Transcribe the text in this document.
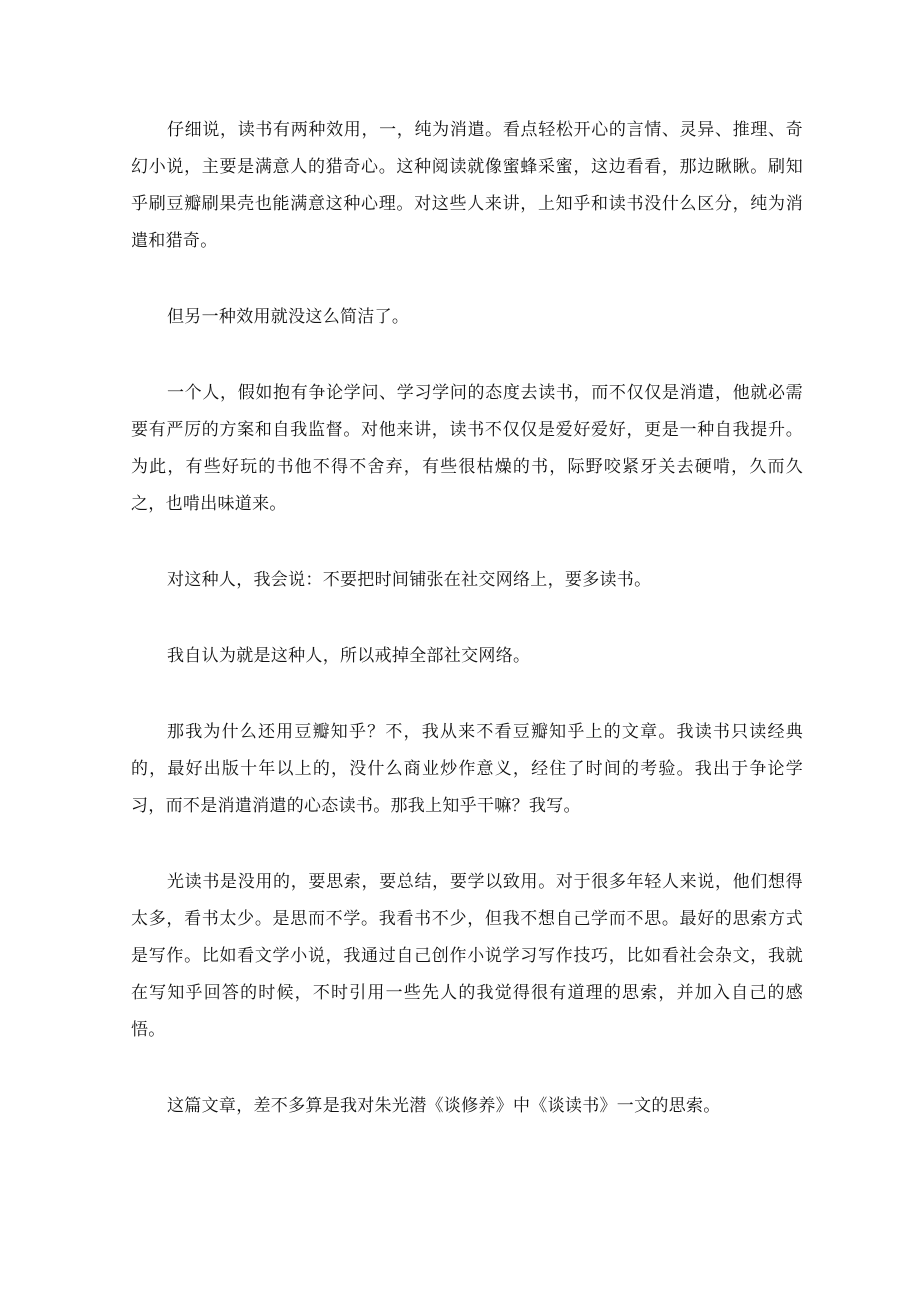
仔细说，读书有两种效用，一，纯为消遣。看点轻松开心的言情、灵异、推理、奇幻小说，主要是满意人的猎奇心。这种阅读就像蜜蜂采蜜，这边看看，那边瞅瞅。刷知乎刷豆瓣刷果壳也能满意这种心理。对这些人来讲，上知乎和读书没什么区分，纯为消遣和猎奇。

但另一种效用就没这么简洁了。

一个人，假如抱有争论学问、学习学问的态度去读书，而不仅仅是消遣，他就必需要有严厉的方案和自我监督。对他来讲，读书不仅仅是爱好爱好，更是一种自我提升。为此，有些好玩的书他不得不舍弃，有些很枯燥的书，际野咬紧牙关去硬啃，久而久之，也啃出味道来。

对这种人，我会说：不要把时间铺张在社交网络上，要多读书。

我自认为就是这种人，所以戒掉全部社交网络。

那我为什么还用豆瓣知乎？不，我从来不看豆瓣知乎上的文章。我读书只读经典的，最好出版十年以上的，没什么商业炒作意义，经住了时间的考验。我出于争论学习，而不是消遣消遣的心态读书。那我上知乎干嘛？我写。

光读书是没用的，要思索，要总结，要学以致用。对于很多年轻人来说，他们想得太多，看书太少。是思而不学。我看书不少，但我不想自己学而不思。最好的思索方式是写作。比如看文学小说，我通过自己创作小说学习写作技巧，比如看社会杂文，我就在写知乎回答的时候，不时引用一些先人的我觉得很有道理的思索，并加入自己的感悟。

这篇文章，差不多算是我对朱光潜《谈修养》中《谈读书》一文的思索。
